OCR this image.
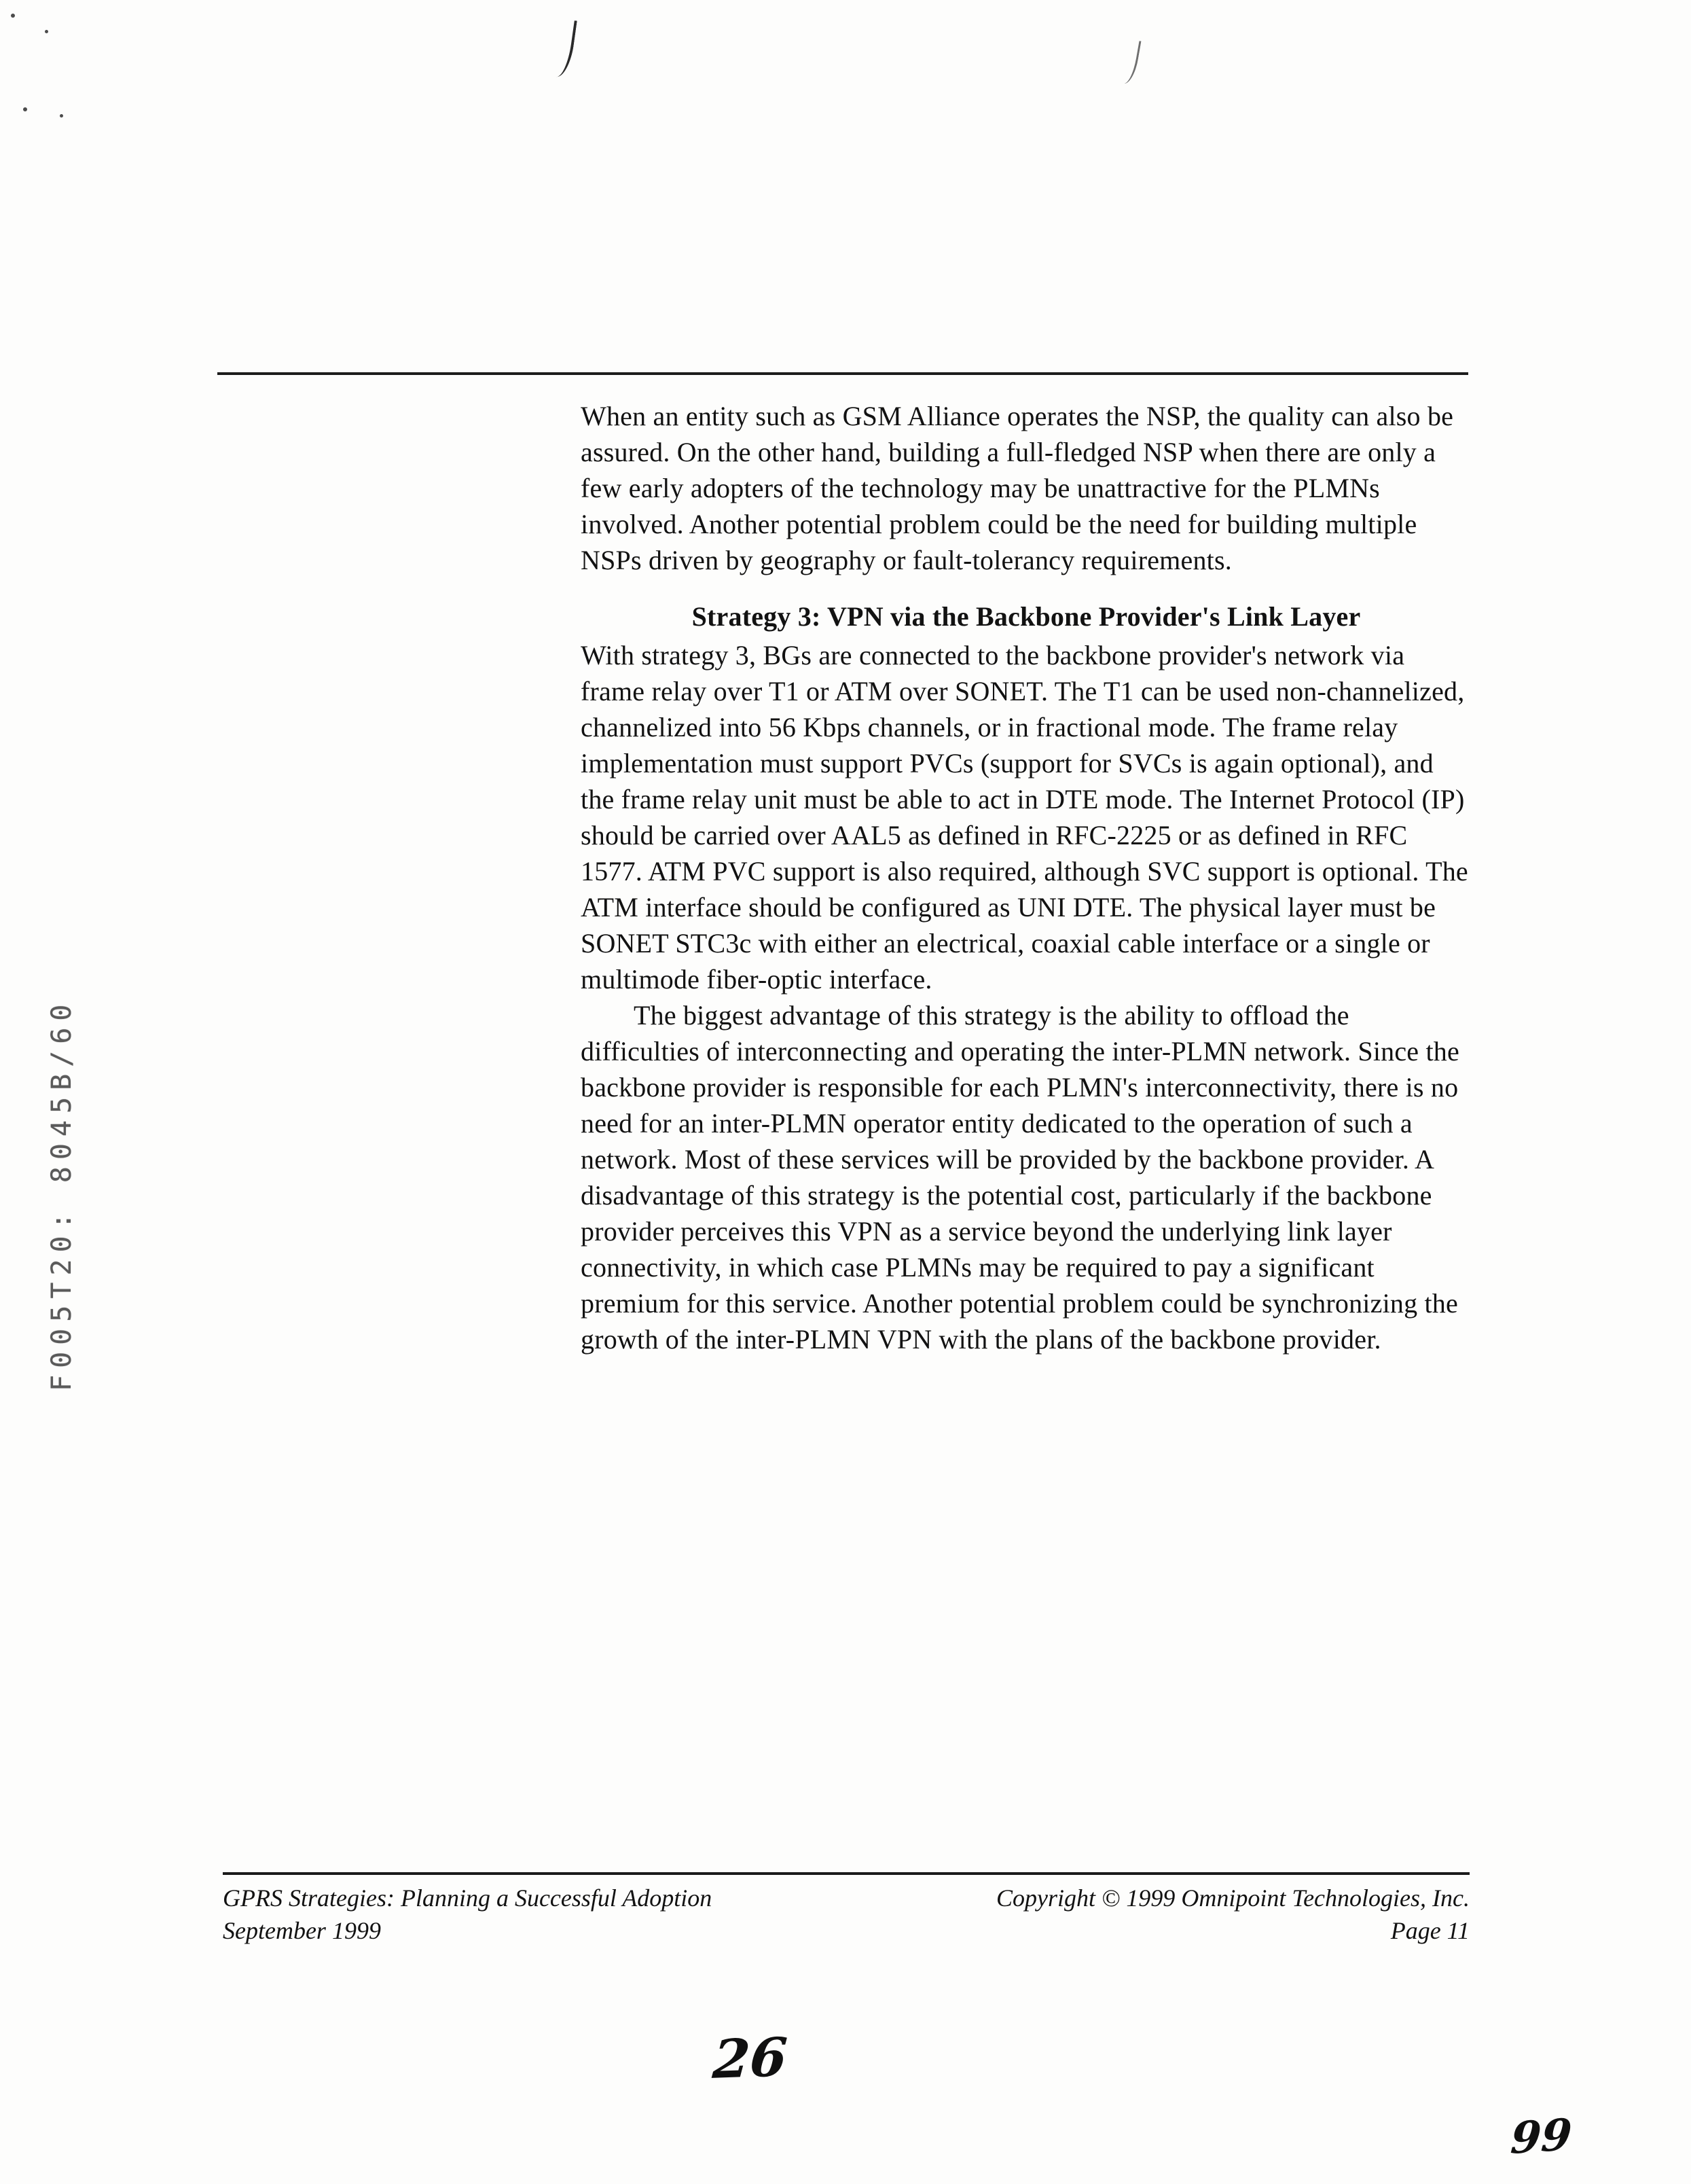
F005T20: 8045B/60

When an entity such as GSM Alliance operates the NSP, the quality can also be assured. On the other hand, building a full-fledged NSP when there are only a few early adopters of the technology may be unattractive for the PLMNs involved. Another potential problem could be the need for building multiple NSPs driven by geography or fault-tolerancy requirements.

Strategy 3: VPN via the Backbone Provider's Link Layer

With strategy 3, BGs are connected to the backbone provider's network via frame relay over T1 or ATM over SONET. The T1 can be used non-channelized, channelized into 56 Kbps channels, or in fractional mode. The frame relay implementation must support PVCs (support for SVCs is again optional), and the frame relay unit must be able to act in DTE mode. The Internet Protocol (IP) should be carried over AAL5 as defined in RFC-2225 or as defined in RFC 1577. ATM PVC support is also required, although SVC support is optional. The ATM interface should be configured as UNI DTE. The physical layer must be SONET STC3c with either an electrical, coaxial cable interface or a single or multimode fiber-optic interface.

The biggest advantage of this strategy is the ability to offload the difficulties of interconnecting and operating the inter-PLMN network. Since the backbone provider is responsible for each PLMN's interconnectivity, there is no need for an inter-PLMN operator entity dedicated to the operation of such a network. Most of these services will be provided by the backbone provider. A disadvantage of this strategy is the potential cost, particularly if the backbone provider perceives this VPN as a service beyond the underlying link layer connectivity, in which case PLMNs may be required to pay a significant premium for this service. Another potential problem could be synchronizing the growth of the inter-PLMN VPN with the plans of the backbone provider.

GPRS Strategies: Planning a Successful Adoption
September 1999
Copyright © 1999 Omnipoint Technologies, Inc.
Page 11
26
99
